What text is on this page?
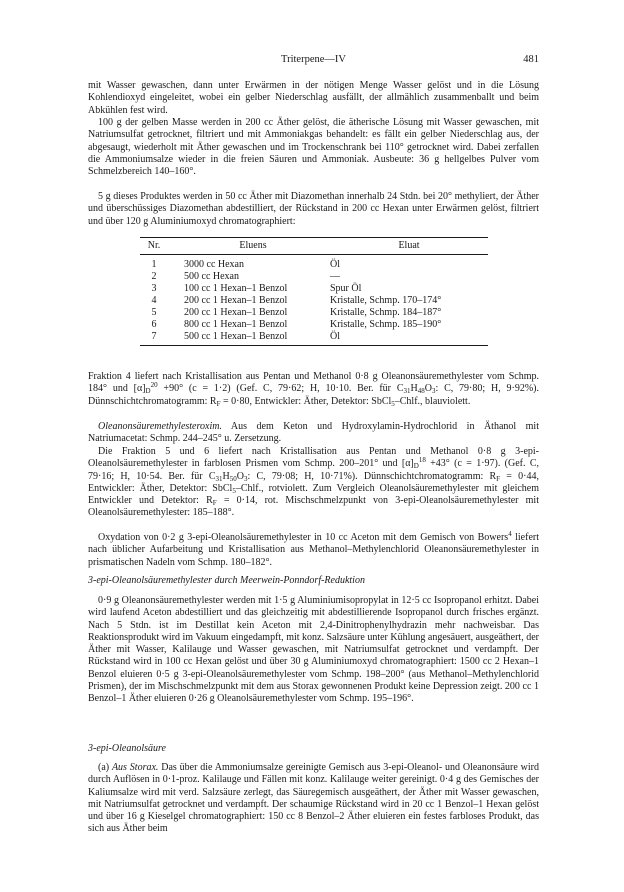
Triterpene—IV	481

mit Wasser gewaschen, dann unter Erwärmen in der nötigen Menge Wasser gelöst und in die Lösung Kohlendioxyd eingeleitet, wobei ein gelber Niederschlag ausfällt, der allmählich zusammenballt und beim Abkühlen fest wird.

100 g der gelben Masse werden in 200 cc Äther gelöst, die ätherische Lösung mit Wasser gewaschen, mit Natriumsulfat getrocknet, filtriert und mit Ammoniakgas behandelt: es fällt ein gelber Niederschlag aus, der abgesaugt, wiederholt mit Äther gewaschen und im Trockenschrank bei 110° getrocknet wird. Dabei zerfallen die Ammoniumsalze wieder in die freien Säuren und Ammoniak. Ausbeute: 36 g hellgelbes Pulver vom Schmelzbereich 140–160°.

5 g dieses Produktes werden in 50 cc Äther mit Diazomethan innerhalb 24 Stdn. bei 20° methyliert, der Äther und überschüssiges Diazomethan abdestilliert, der Rückstand in 200 cc Hexan unter Erwärmen gelöst, filtriert und über 120 g Aluminiumoxyd chromatographiert:

Nr.	Eluens	Eluat

1	3000 cc Hexan	Öl
2	500 cc Hexan	—
3	100 cc 1 Hexan–1 Benzol	Spur Öl
4	200 cc 1 Hexan–1 Benzol	Kristalle, Schmp. 170–174°
5	200 cc 1 Hexan–1 Benzol	Kristalle, Schmp. 184–187°
6	800 cc 1 Hexan–1 Benzol	Kristalle, Schmp. 185–190°
7	500 cc 1 Hexan–1 Benzol	Öl

Fraktion 4 liefert nach Kristallisation aus Pentan und Methanol 0·8 g Oleanonsäuremethylester vom Schmp. 184° und $[\alpha]_D^{20} +90^\circ$ (c = 1·2) (Gef. C, 79·62; H, 10·10. Ber. für $C_{31}H_{48}O_3$: C, 79·80; H, 9·92%). Dünnschichtchromatogramm: $R_F = 0\cdot 80$, Entwickler: Äther, Detektor: SbCl$_5$–Chlf., blauviolett.

Oleanonsäuremethylesteroxim. Aus dem Keton und Hydroxylamin-Hydrochlorid in Äthanol mit Natriumacetat: Schmp. 244–245° u. Zersetzung.

Die Fraktion 5 und 6 liefert nach Kristallisation aus Pentan und Methanol 0·8 g 3-epi-Oleanolsäuremethylester in farblosen Prismen vom Schmp. 200–201° und $[\alpha]_D^{18} +43^\circ$ (c = 1·97). (Gef. C, 79·16; H, 10·54. Ber. für $C_{31}H_{50}O_3$: C, 79·08; H, 10·71%). Dünnschichtchromatogramm: $R_F = 0\cdot 44$, Entwickler: Äther, Detektor: SbCl$_5$–Chlf., rotviolett. Zum Vergleich Oleanolsäuremethylester mit gleichem Entwickler und Detektor: $R_F = 0\cdot 14$, rot. Mischschmelzpunkt von 3-epi-Oleanolsäuremethylester mit Oleanolsäuremethylester: 185–188°.

Oxydation von 0·2 g 3-epi-Oleanolsäuremethylester in 10 cc Aceton mit dem Gemisch von Bowers$^4$ liefert nach üblicher Aufarbeitung und Kristallisation aus Methanol–Methylenchlorid Oleanonsäuremethylester in prismatischen Nadeln vom Schmp. 180–182°.

3-epi-Oleanolsäuremethylester durch Meerwein-Ponndorf-Reduktion

0·9 g Oleanonsäuremethylester werden mit 1·5 g Aluminiumisopropylat in 12·5 cc Isopropanol erhitzt. Dabei wird laufend Aceton abdestilliert und das gleichzeitig mit abdestillierende Isopropanol durch frisches ergänzt. Nach 5 Stdn. ist im Destillat kein Aceton mit 2,4-Dinitrophenylhydrazin mehr nachweisbar. Das Reaktionsprodukt wird im Vakuum eingedampft, mit konz. Salzsäure unter Kühlung angesäuert, ausgeäthert, der Äther mit Wasser, Kalilauge und Wasser gewaschen, mit Natriumsulfat getrocknet und verdampft. Der Rückstand wird in 100 cc Hexan gelöst und über 30 g Aluminiumoxyd chromatographiert: 1500 cc 2 Hexan–1 Benzol eluieren 0·5 g 3-epi-Oleanolsäuremethylester vom Schmp. 198–200° (aus Methanol–Methylenchlorid Prismen), der im Mischschmelzpunkt mit dem aus Storax gewonnenen Produkt keine Depression zeigt. 200 cc 1 Benzol–1 Äther eluieren 0·26 g Oleanolsäuremethylester vom Schmp. 195–196°.

3-epi-Oleanolsäure

(a) Aus Storax. Das über die Ammoniumsalze gereinigte Gemisch aus 3-epi-Oleanol- und Oleanonsäure wird durch Auflösen in 0·1-proz. Kalilauge und Fällen mit konz. Kalilauge weiter gereinigt. 0·4 g des Gemisches der Kaliumsalze wird mit verd. Salzsäure zerlegt, das Säuregemisch ausgeäthert, der Äther mit Wasser gewaschen, mit Natriumsulfat getrocknet und verdampft. Der schaumige Rückstand wird in 20 cc 1 Benzol–1 Hexan gelöst und über 16 g Kieselgel chromatographiert: 150 cc 8 Benzol–2 Äther eluieren ein festes farbloses Produkt, das sich aus Äther beim
